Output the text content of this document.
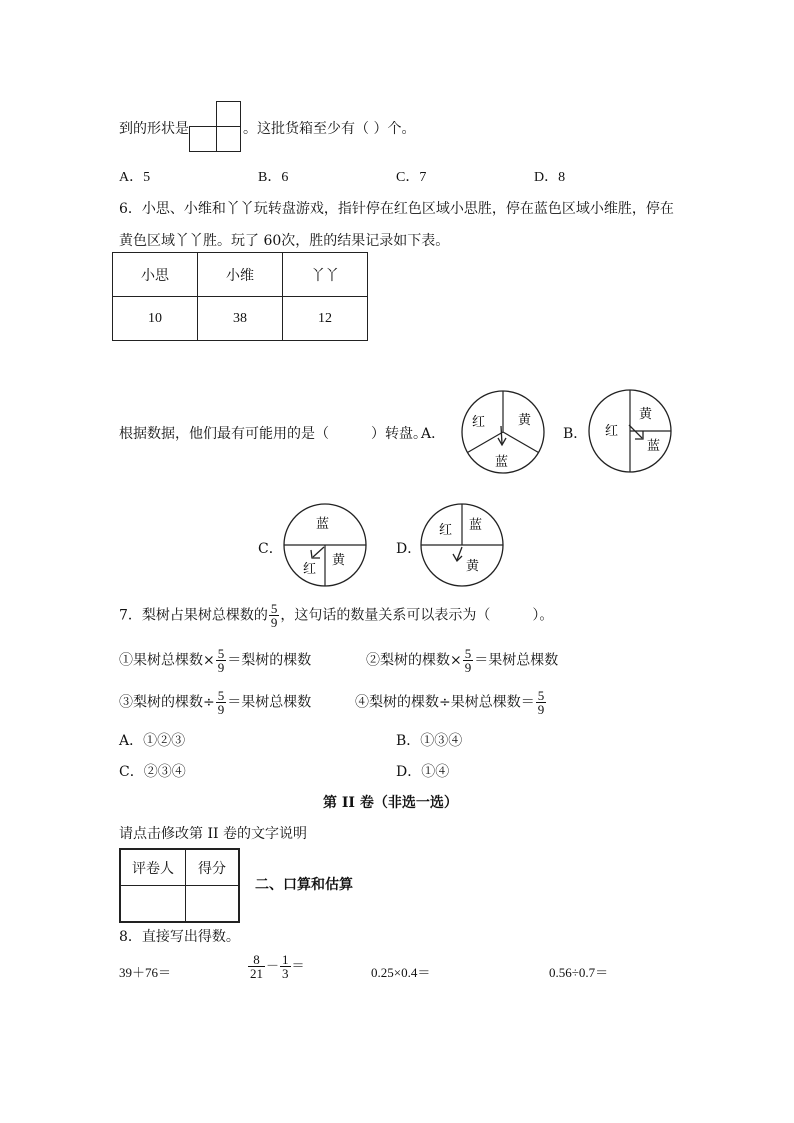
到的形状是	。这批货箱至少有（ ）个。
A．5	B．6	C．7	D．8
6．小思、小维和丫丫玩转盘游戏，指针停在红色区域小思胜，停在蓝色区域小维胜，停在
黄色区域丫丫胜。玩了 60次，胜的结果记录如下表。
小思	小维	丫丫
10	38	12
根据数据，他们最有可能用的是（　　　）转盘。
A．
红	黄
蓝
B． 红
黄
蓝
C．
蓝
红
黄
D．
红 蓝
黄
7．梨树占果树总棵数的 $\frac{5}{9}$ ，这句话的数量关系可以表示为（　　　）。
①果树总棵数× $\frac{5}{9}$ ＝梨树的棵数	②梨树的棵数× $\frac{5}{9}$ ＝果树总棵数
③梨树的棵数÷ $\frac{5}{9}$ ＝果树总棵数	④梨树的棵数÷果树总棵数＝ $\frac{5}{9}$
A．①②③	B．①③④
C．②③④	D．①④
第 II 卷（非选一选）
请点击修改第 II 卷的文字说明
评卷人	得分

二、口算和估算
8．直接写出得数。
39＋76＝	$\frac{8}{21} - \frac{1}{3}$ ＝	0.25×0.4＝	0.56÷0.7＝
